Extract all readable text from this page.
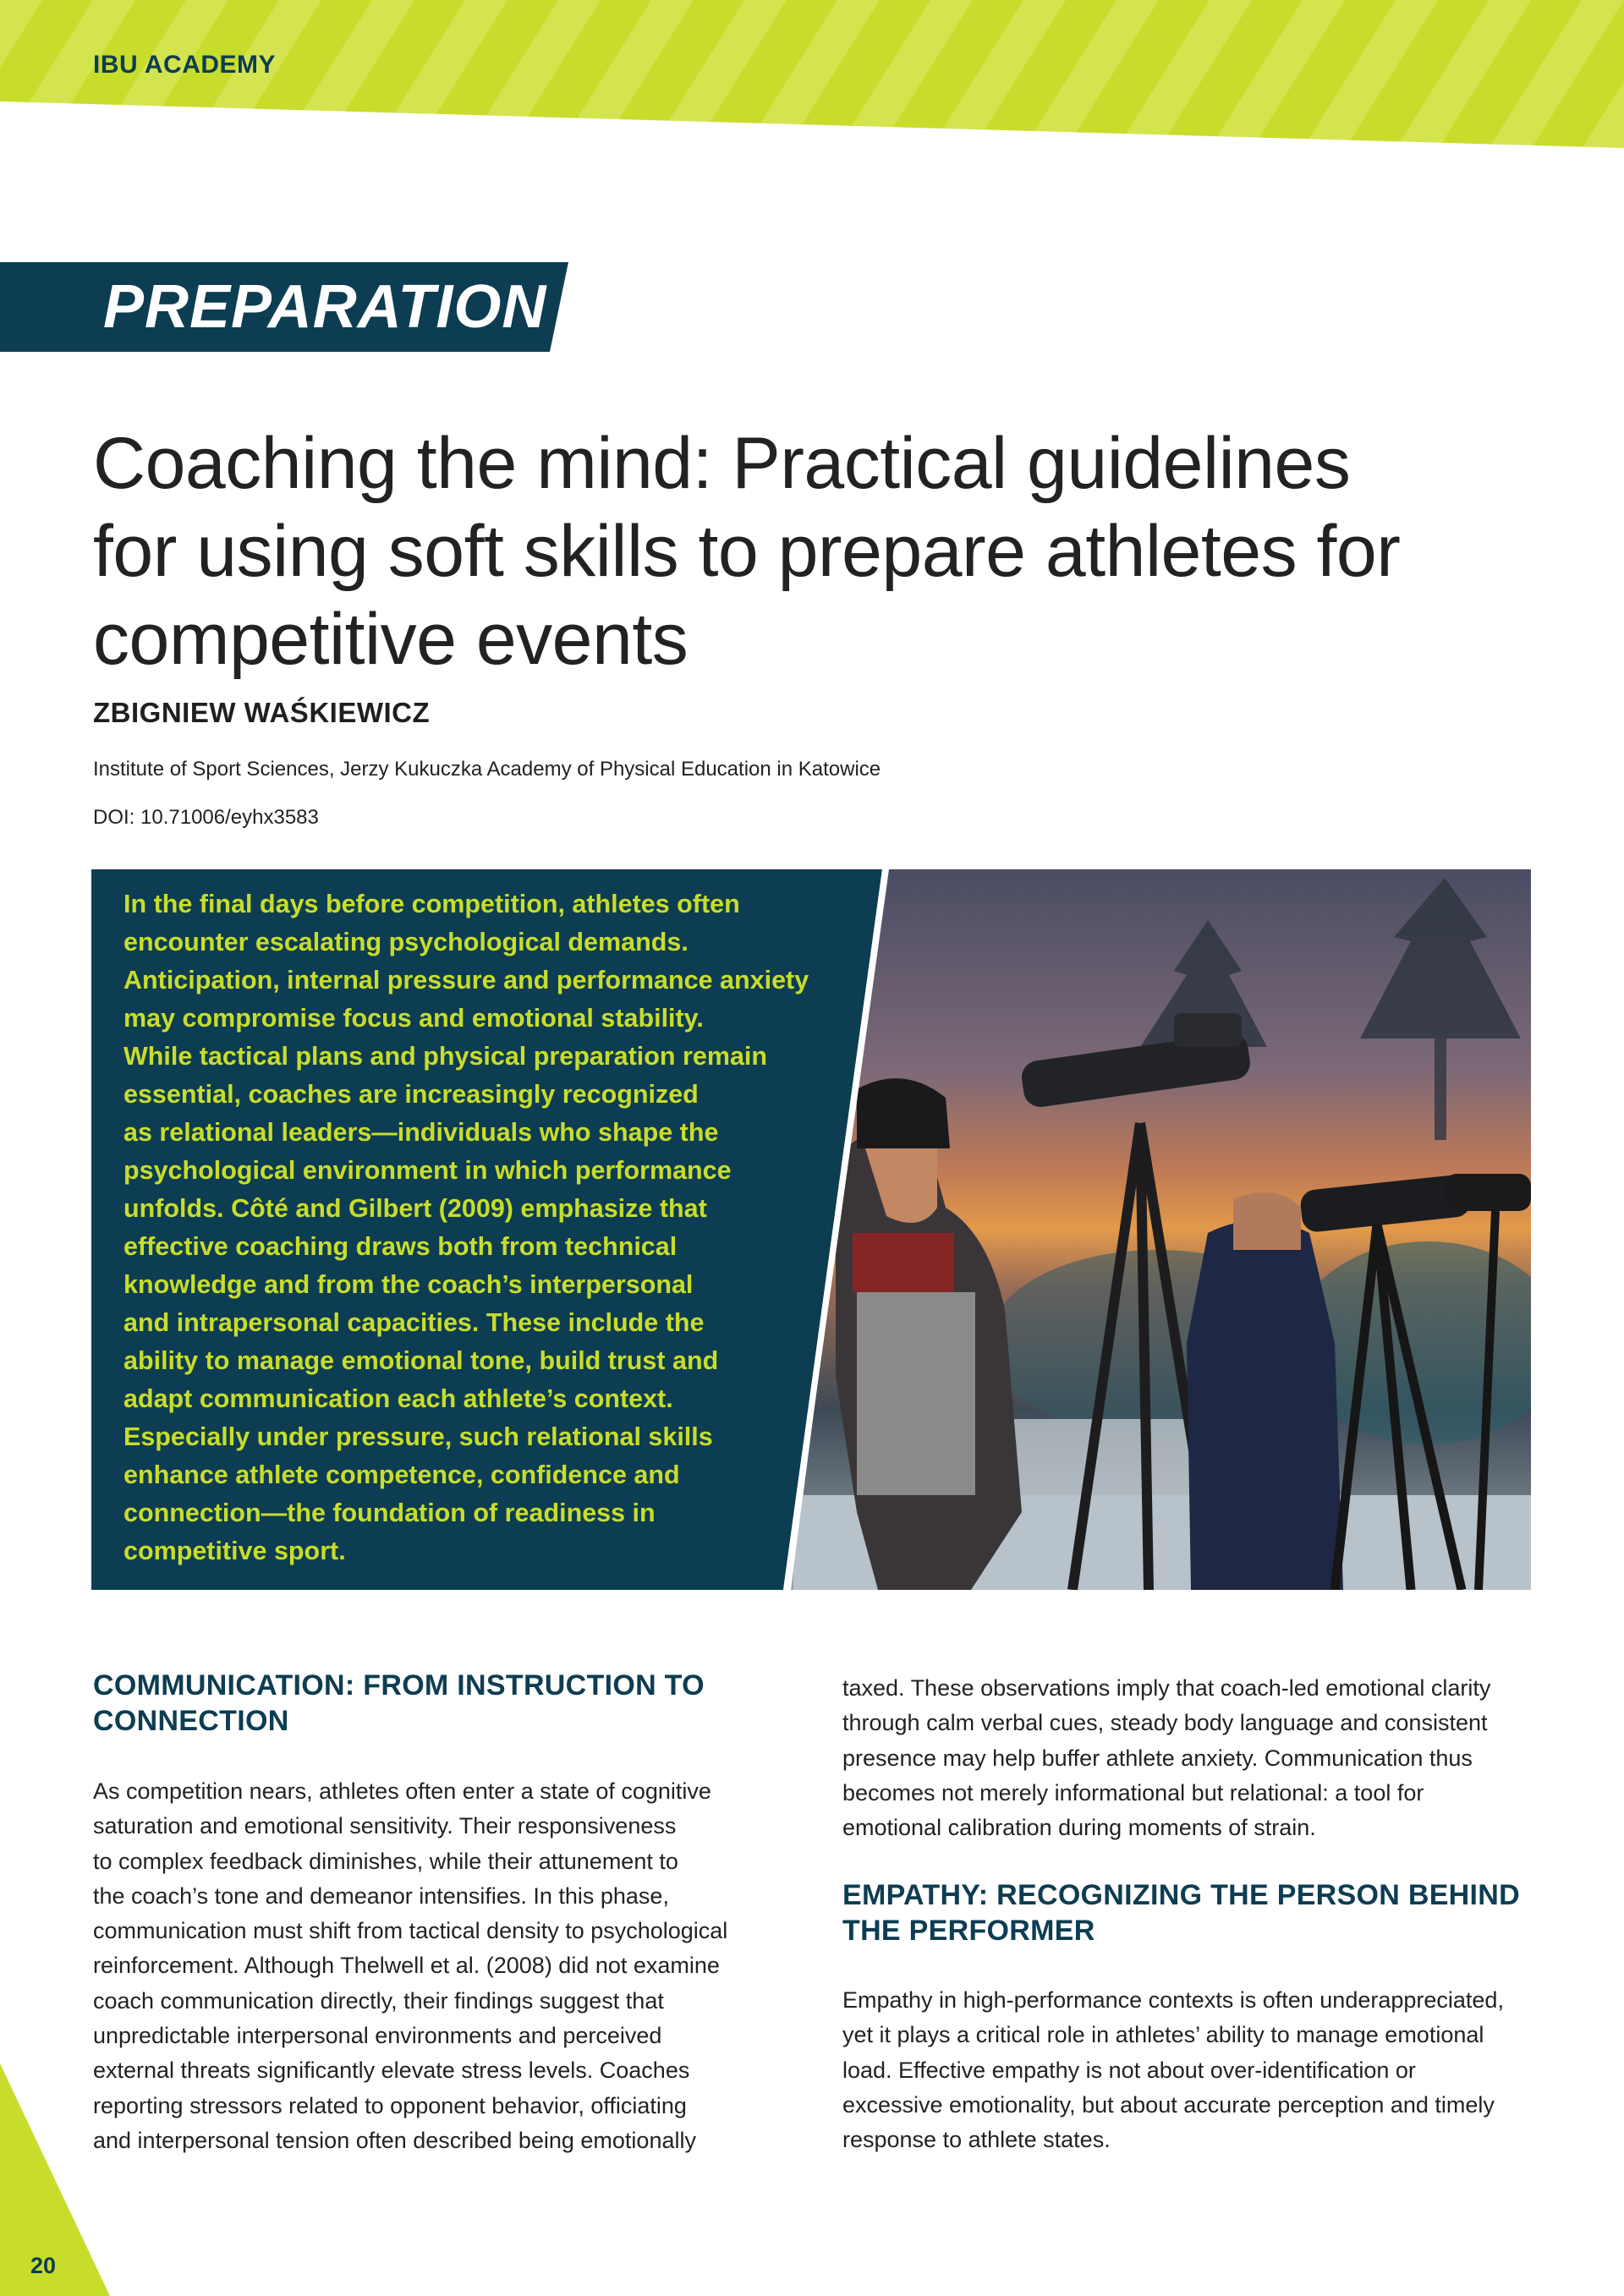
IBU ACADEMY
PREPARATION
Coaching the mind: Practical guidelines
for using soft skills to prepare athletes for
competitive events
ZBIGNIEW WAŚKIEWICZ
Institute of Sport Sciences, Jerzy Kukuczka Academy of Physical Education in Katowice
DOI: 10.71006/eyhx3583
In the final days before competition, athletes often
encounter escalating psychological demands.
Anticipation, internal pressure and performance anxiety
may compromise focus and emotional stability.
While tactical plans and physical preparation remain
essential, coaches are increasingly recognized
as relational leaders—individuals who shape the
psychological environment in which performance
unfolds. Côté and Gilbert (2009) emphasize that
effective coaching draws both from technical
knowledge and from the coach’s interpersonal
and intrapersonal capacities. These include the
ability to manage emotional tone, build trust and
adapt communication each athlete’s context.
Especially under pressure, such relational skills
enhance athlete competence, confidence and
connection—the foundation of readiness in
competitive sport.
COMMUNICATION: FROM INSTRUCTION TO
CONNECTION
As competition nears, athletes often enter a state of cognitive
saturation and emotional sensitivity. Their responsiveness
to complex feedback diminishes, while their attunement to
the coach’s tone and demeanor intensifies. In this phase,
communication must shift from tactical density to psychological
reinforcement. Although Thelwell et al. (2008) did not examine
coach communication directly, their findings suggest that
unpredictable interpersonal environments and perceived
external threats significantly elevate stress levels. Coaches
reporting stressors related to opponent behavior, officiating
and interpersonal tension often described being emotionally
taxed. These observations imply that coach-led emotional clarity
through calm verbal cues, steady body language and consistent
presence may help buffer athlete anxiety. Communication thus
becomes not merely informational but relational: a tool for
emotional calibration during moments of strain.
EMPATHY: RECOGNIZING THE PERSON BEHIND
THE PERFORMER
Empathy in high-performance contexts is often underappreciated,
yet it plays a critical role in athletes’ ability to manage emotional
load. Effective empathy is not about over-identification or
excessive emotionality, but about accurate perception and timely
response to athlete states.
20
